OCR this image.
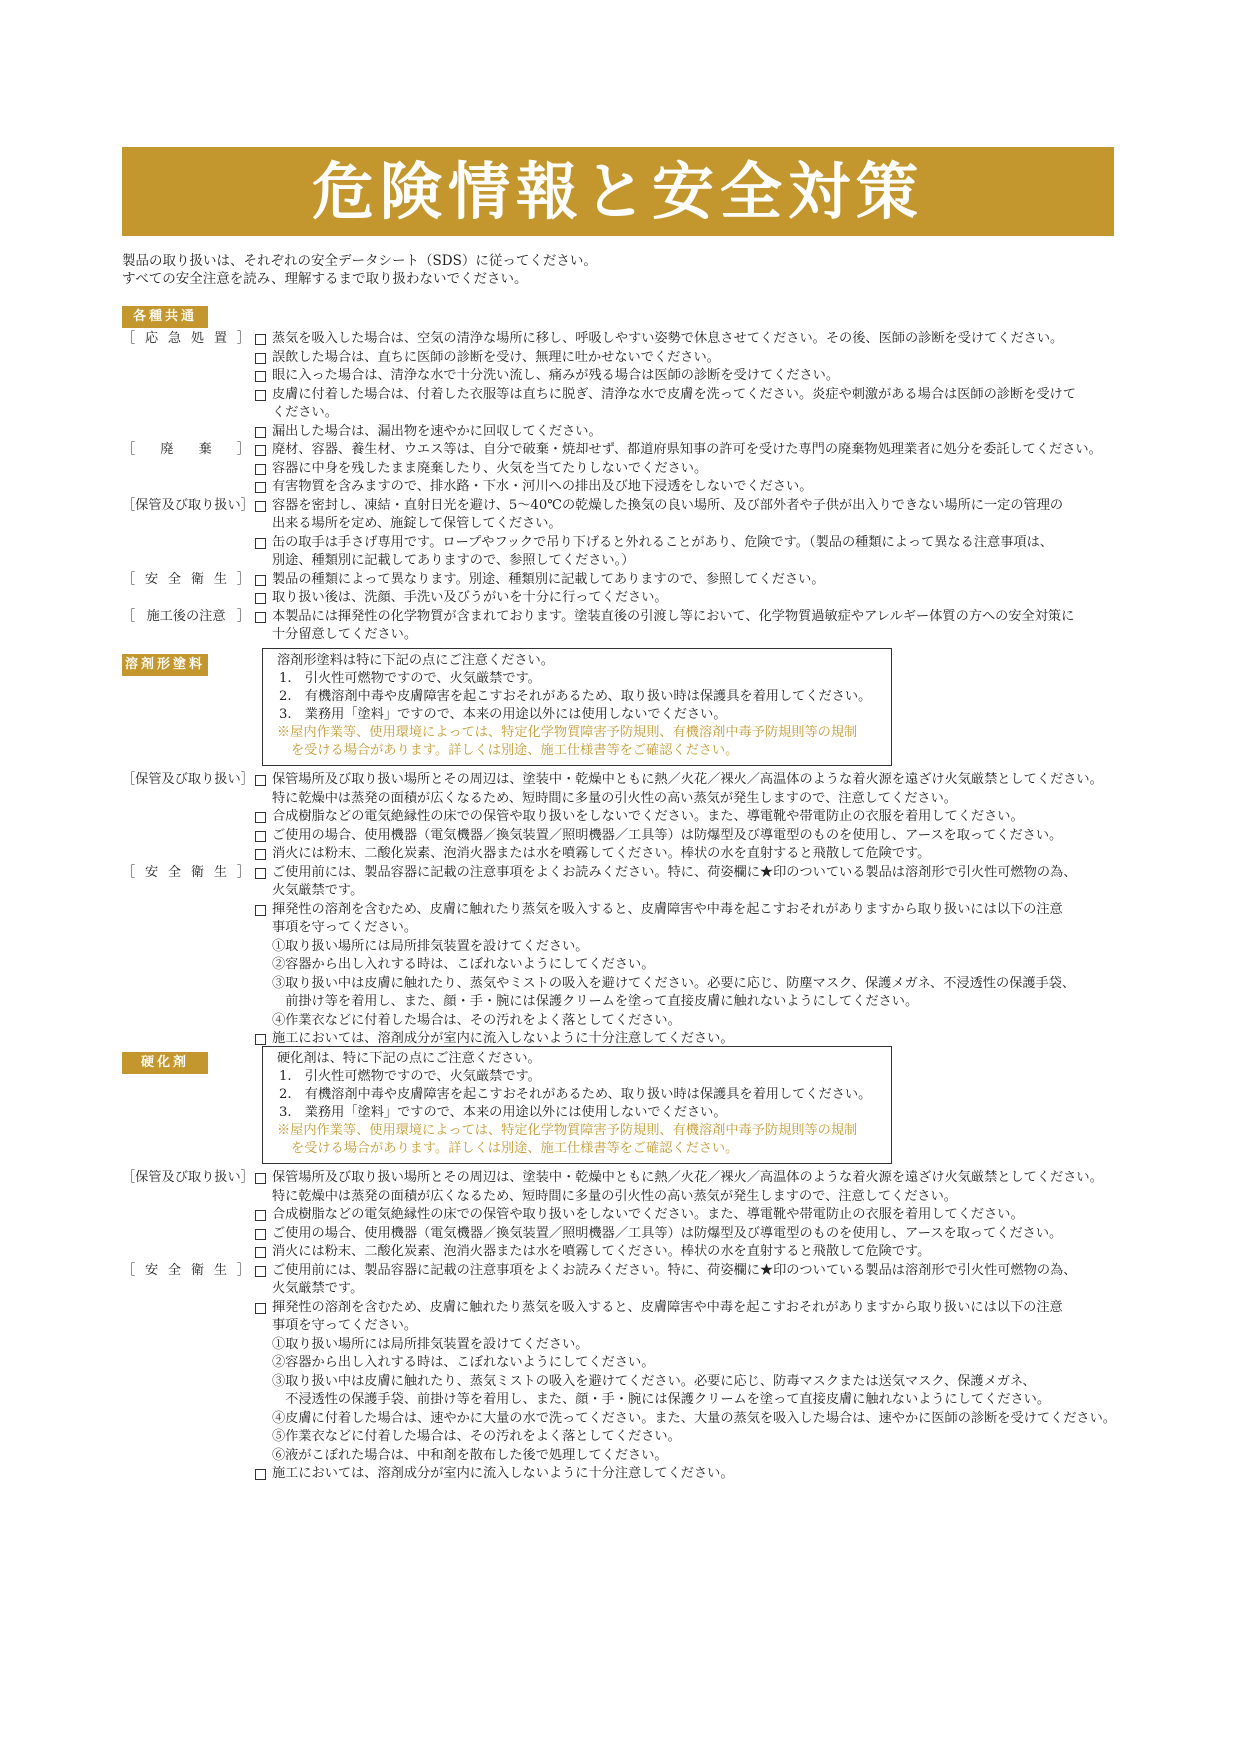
危険情報と安全対策
製品の取り扱いは、それぞれの安全データシート（SDS）に従ってください。
すべての安全注意を読み、理解するまで取り扱わないでください。
各種共通
［ 応 急 処 置 ］	蒸気を吸入した場合は、空気の清浄な場所に移し、呼吸しやすい姿勢で休息させてください。その後、医師の診断を受けてください。
誤飲した場合は、直ちに医師の診断を受け、無理に吐かせないでください。
眼に入った場合は、清浄な水で十分洗い流し、痛みが残る場合は医師の診断を受けてください。
皮膚に付着した場合は、付着した衣服等は直ちに脱ぎ、清浄な水で皮膚を洗ってください。炎症や刺激がある場合は医師の診断を受けて
ください。
漏出した場合は、漏出物を速やかに回収してください。
［ 廃 棄 ］	廃材、容器、養生材、ウエス等は、自分で破棄・焼却せず、都道府県知事の許可を受けた専門の廃棄物処理業者に処分を委託してください。
容器に中身を残したまま廃棄したり、火気を当てたりしないでください。
有害物質を含みますので、排水路・下水・河川への排出及び地下浸透をしないでください。
［保管及び取り扱い］	容器を密封し、凍結・直射日光を避け、5～40℃の乾燥した換気の良い場所、及び部外者や子供が出入りできない場所に一定の管理の
出来る場所を定め、施錠して保管してください。
缶の取手は手さげ専用です。ロープやフックで吊り下げると外れることがあり、危険です。（製品の種類によって異なる注意事項は、
別途、種類別に記載してありますので、参照してください。）
［ 安 全 衛 生 ］	製品の種類によって異なります。別途、種類別に記載してありますので、参照してください。
取り扱い後は、洗顔、手洗い及びうがいを十分に行ってください。
［ 施工後の注意 ］	本製品には揮発性の化学物質が含まれております。塗装直後の引渡し等において、化学物質過敏症やアレルギー体質の方への安全対策に
十分留意してください。
溶剤形塗料	溶剤形塗料は特に下記の点にご注意ください。
1.　引火性可燃物ですので、火気厳禁です。
2.　有機溶剤中毒や皮膚障害を起こすおそれがあるため、取り扱い時は保護具を着用してください。
3.　業務用「塗料」ですので、本来の用途以外には使用しないでください。
※屋内作業等、使用環境によっては、特定化学物質障害予防規則、有機溶剤中毒予防規則等の規制
を受ける場合があります。詳しくは別途、施工仕様書等をご確認ください。
［保管及び取り扱い］	保管場所及び取り扱い場所とその周辺は、塗装中・乾燥中ともに熱／火花／裸火／高温体のような着火源を遠ざけ火気厳禁としてください。
特に乾燥中は蒸発の面積が広くなるため、短時間に多量の引火性の高い蒸気が発生しますので、注意してください。
合成樹脂などの電気絶縁性の床での保管や取り扱いをしないでください。また、導電靴や帯電防止の衣服を着用してください。
ご使用の場合、使用機器（電気機器／換気装置／照明機器／工具等）は防爆型及び導電型のものを使用し、アースを取ってください。
消火には粉末、二酸化炭素、泡消火器または水を噴霧してください。棒状の水を直射すると飛散して危険です。
［ 安 全 衛 生 ］	ご使用前には、製品容器に記載の注意事項をよくお読みください。特に、荷姿欄に★印のついている製品は溶剤形で引火性可燃物の為、
火気厳禁です。
揮発性の溶剤を含むため、皮膚に触れたり蒸気を吸入すると、皮膚障害や中毒を起こすおそれがありますから取り扱いには以下の注意
事項を守ってください。
①取り扱い場所には局所排気装置を設けてください。
②容器から出し入れする時は、こぼれないようにしてください。
③取り扱い中は皮膚に触れたり、蒸気やミストの吸入を避けてください。必要に応じ、防塵マスク、保護メガネ、不浸透性の保護手袋、
　前掛け等を着用し、また、顔・手・腕には保護クリームを塗って直接皮膚に触れないようにしてください。
④作業衣などに付着した場合は、その汚れをよく落としてください。
施工においては、溶剤成分が室内に流入しないように十分注意してください。
硬化剤	硬化剤は、特に下記の点にご注意ください。
1.　引火性可燃物ですので、火気厳禁です。
2.　有機溶剤中毒や皮膚障害を起こすおそれがあるため、取り扱い時は保護具を着用してください。
3.　業務用「塗料」ですので、本来の用途以外には使用しないでください。
※屋内作業等、使用環境によっては、特定化学物質障害予防規則、有機溶剤中毒予防規則等の規制
を受ける場合があります。詳しくは別途、施工仕様書等をご確認ください。
［保管及び取り扱い］	保管場所及び取り扱い場所とその周辺は、塗装中・乾燥中ともに熱／火花／裸火／高温体のような着火源を遠ざけ火気厳禁としてください。
特に乾燥中は蒸発の面積が広くなるため、短時間に多量の引火性の高い蒸気が発生しますので、注意してください。
合成樹脂などの電気絶縁性の床での保管や取り扱いをしないでください。また、導電靴や帯電防止の衣服を着用してください。
ご使用の場合、使用機器（電気機器／換気装置／照明機器／工具等）は防爆型及び導電型のものを使用し、アースを取ってください。
消火には粉末、二酸化炭素、泡消火器または水を噴霧してください。棒状の水を直射すると飛散して危険です。
［ 安 全 衛 生 ］	ご使用前には、製品容器に記載の注意事項をよくお読みください。特に、荷姿欄に★印のついている製品は溶剤形で引火性可燃物の為、
火気厳禁です。
揮発性の溶剤を含むため、皮膚に触れたり蒸気を吸入すると、皮膚障害や中毒を起こすおそれがありますから取り扱いには以下の注意
事項を守ってください。
①取り扱い場所には局所排気装置を設けてください。
②容器から出し入れする時は、こぼれないようにしてください。
③取り扱い中は皮膚に触れたり、蒸気ミストの吸入を避けてください。必要に応じ、防毒マスクまたは送気マスク、保護メガネ、
　不浸透性の保護手袋、前掛け等を着用し、また、顔・手・腕には保護クリームを塗って直接皮膚に触れないようにしてください。
④皮膚に付着した場合は、速やかに大量の水で洗ってください。また、大量の蒸気を吸入した場合は、速やかに医師の診断を受けてください。
⑤作業衣などに付着した場合は、その汚れをよく落としてください。
⑥液がこぼれた場合は、中和剤を散布した後で処理してください。
施工においては、溶剤成分が室内に流入しないように十分注意してください。
